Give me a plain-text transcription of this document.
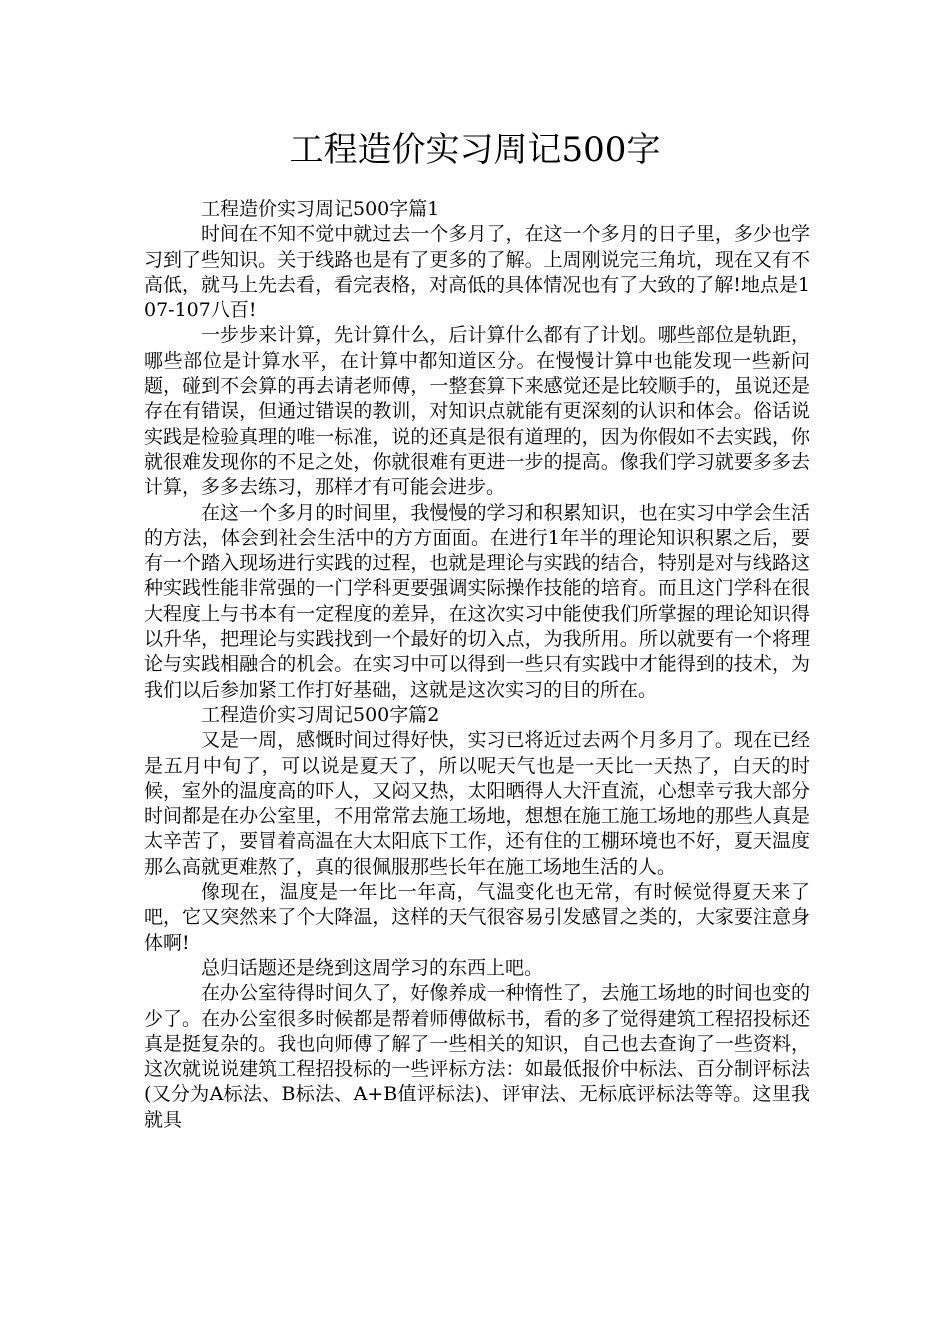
工程造价实习周记500字

工程造价实习周记500字篇1

时间在不知不觉中就过去一个多月了，在这一个多月的日子里，多少也学习到了些知识。关于线路也是有了更多的了解。上周刚说完三角坑，现在又有不高低，就马上先去看，看完表格，对高低的具体情况也有了大致的了解!地点是107-107八百!

一步步来计算，先计算什么，后计算什么都有了计划。哪些部位是轨距，哪些部位是计算水平，在计算中都知道区分。在慢慢计算中也能发现一些新问题，碰到不会算的再去请老师傅，一整套算下来感觉还是比较顺手的，虽说还是存在有错误，但通过错误的教训，对知识点就能有更深刻的认识和体会。俗话说实践是检验真理的唯一标准，说的还真是很有道理的，因为你假如不去实践，你就很难发现你的不足之处，你就很难有更进一步的提高。像我们学习就要多多去计算，多多去练习，那样才有可能会进步。

在这一个多月的时间里，我慢慢的学习和积累知识，也在实习中学会生活的方法，体会到社会生活中的方方面面。在进行1年半的理论知识积累之后，要有一个踏入现场进行实践的过程，也就是理论与实践的结合，特别是对与线路这种实践性能非常强的一门学科更要强调实际操作技能的培育。而且这门学科在很大程度上与书本有一定程度的差异，在这次实习中能使我们所掌握的理论知识得以升华，把理论与实践找到一个最好的切入点，为我所用。所以就要有一个将理论与实践相融合的机会。在实习中可以得到一些只有实践中才能得到的技术，为我们以后参加紧工作打好基础，这就是这次实习的目的所在。

工程造价实习周记500字篇2

又是一周，感慨时间过得好快，实习已将近过去两个月多月了。现在已经是五月中旬了，可以说是夏天了，所以呢天气也是一天比一天热了，白天的时候，室外的温度高的吓人，又闷又热，太阳晒得人大汗直流，心想幸亏我大部分时间都是在办公室里，不用常常去施工场地，想想在施工施工场地的那些人真是太辛苦了，要冒着高温在大太阳底下工作，还有住的工棚环境也不好，夏天温度那么高就更难熬了，真的很佩服那些长年在施工场地生活的人。

像现在，温度是一年比一年高，气温变化也无常，有时候觉得夏天来了吧，它又突然来了个大降温，这样的天气很容易引发感冒之类的，大家要注意身体啊!

总归话题还是绕到这周学习的东西上吧。

在办公室待得时间久了，好像养成一种惰性了，去施工场地的时间也变的少了。在办公室很多时候都是帮着师傅做标书，看的多了觉得建筑工程招投标还真是挺复杂的。我也向师傅了解了一些相关的知识，自己也去查询了一些资料，这次就说说建筑工程招投标的一些评标方法：如最低报价中标法、百分制评标法(又分为A标法、B标法、A+B值评标法)、评审法、无标底评标法等等。这里我就具
